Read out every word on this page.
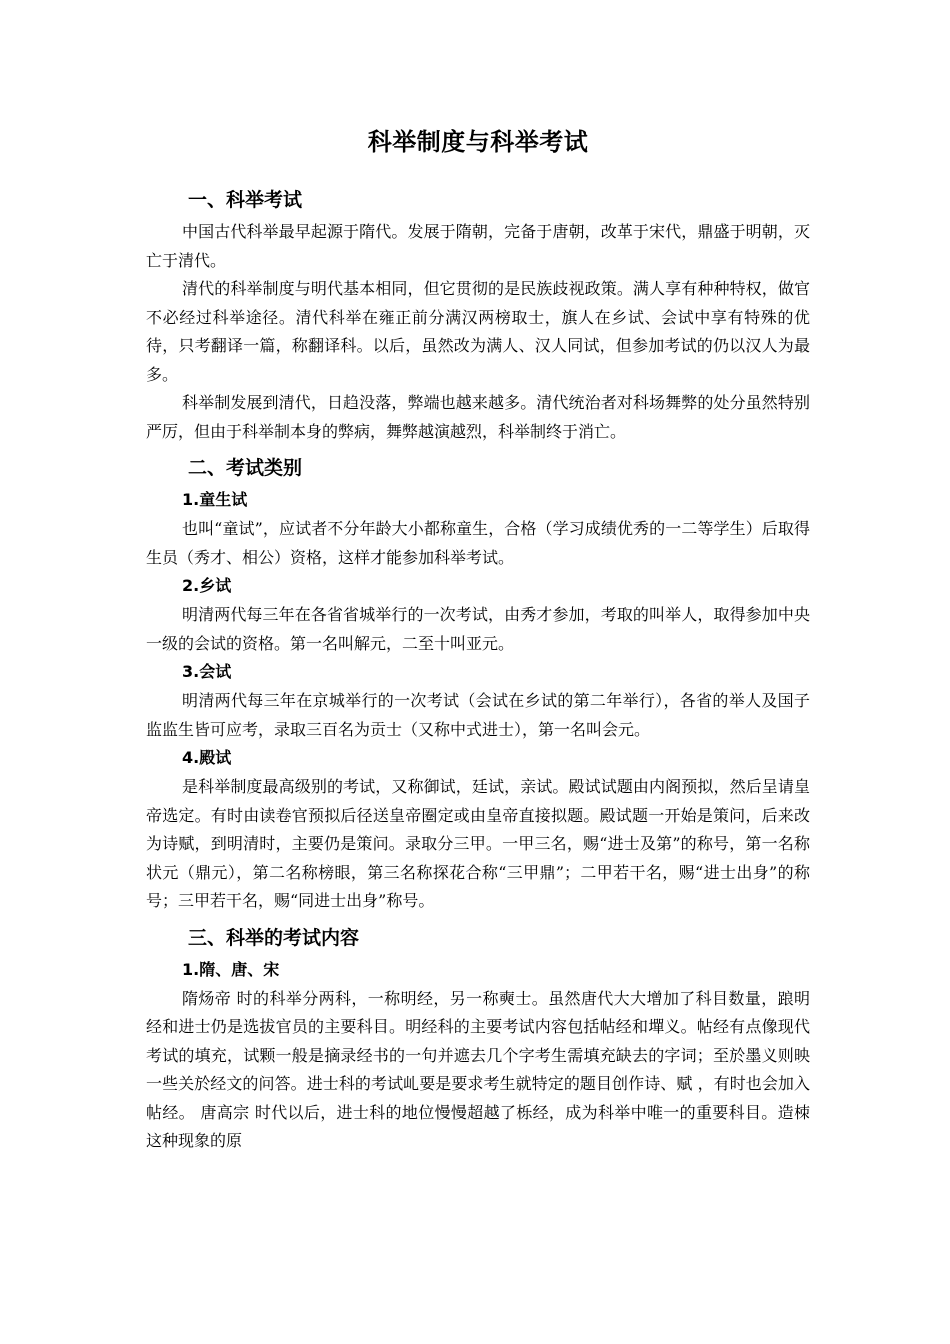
科举制度与科举考试
一、科举考试

中国古代科举最早起源于隋代。发展于隋朝，完备于唐朝，改革于宋代，鼎盛于明朝，灭亡于清代。

清代的科举制度与明代基本相同，但它贯彻的是民族歧视政策。满人享有种种特权，做官不必经过科举途径。清代科举在雍正前分满汉两榜取士，旗人在乡试、会试中享有特殊的优待，只考翻译一篇，称翻译科。以后，虽然改为满人、汉人同试，但参加考试的仍以汉人为最多。

科举制发展到清代，日趋没落，弊端也越来越多。清代统治者对科场舞弊的处分虽然特别严厉，但由于科举制本身的弊病，舞弊越演越烈，科举制终于消亡。

二、考试类别
1.童生试

也叫“童试”，应试者不分年龄大小都称童生，合格（学习成绩优秀的一二等学生）后取得生员（秀才、相公）资格，这样才能参加科举考试。

2.乡试

明清两代每三年在各省省城举行的一次考试，由秀才参加，考取的叫举人，取得参加中央一级的会试的资格。第一名叫解元，二至十叫亚元。

3.会试

明清两代每三年在京城举行的一次考试（会试在乡试的第二年举行），各省的举人及国子监监生皆可应考，录取三百名为贡士（又称中式进士），第一名叫会元。

4.殿试

是科举制度最高级别的考试，又称御试，廷试，亲试。殿试试题由内阁预拟，然后呈请皇帝选定。有时由读卷官预拟后径送皇帝圈定或由皇帝直接拟题。殿试题一开始是策问，后来改为诗赋，到明清时，主要仍是策问。录取分三甲。一甲三名，赐“进士及第”的称号，第一名称状元（鼎元），第二名称榜眼，第三名称探花合称“三甲鼎”；二甲若干名，赐“进士出身”的称号；三甲若干名，赐“同进士出身”称号。

三、科举的考试内容
1.隋、唐、宋

隋炀帝 时的科举分两科，一称明经，另一称奭士。虽然唐代大大增加了科目数量，踉明经和进士仍是选拔官员的主要科目。明经科的主要考试内容包括帖经和墠义。帖经有点像现代考试的填充，试颗一般是摘录经书的一句并遮去几个字考生需填充缺去的字词；至於墨义则映一些关於经文的问答。进士科的考试乢要是要求考生就特定的题目创作诗、赋 ，有时也会加入帖经。 唐高宗 时代以后，进士科的地位慢慢超越了栎经，成为科举中唯一的重要科目。造栜这种现象的原
